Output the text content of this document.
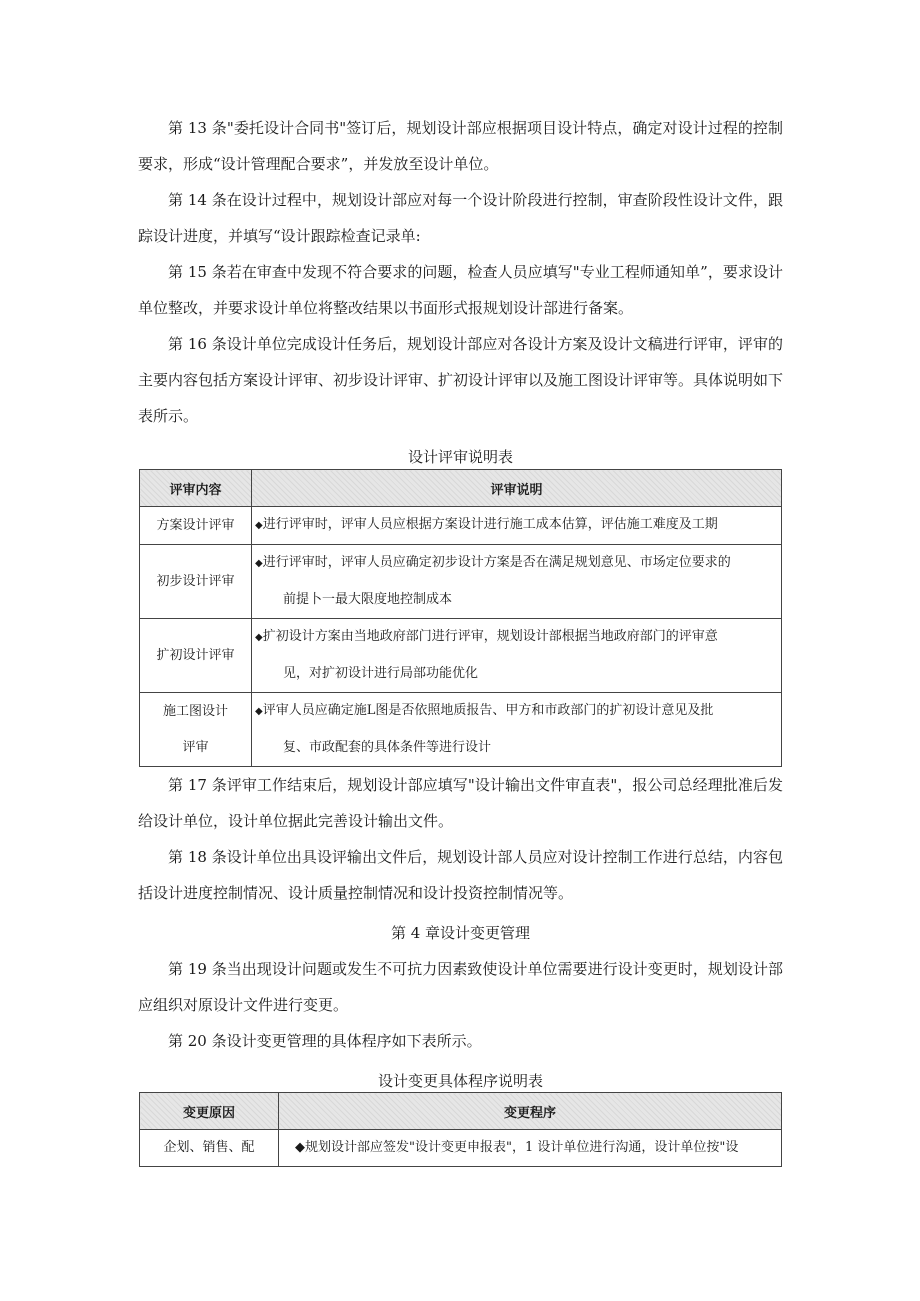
第 13 条"委托设计合同书"签订后，规划设计部应根据项目设计特点，确定对设计过程的控制要求，形成“设计管理配合要求”，并发放至设计单位。

第 14 条在设计过程中，规划设计部应对每一个设计阶段进行控制，审查阶段性设计文件，跟踪设计进度，并填写“设计跟踪检查记录单:

第 15 条若在审查中发现不符合要求的问题，检查人员应填写"专业工程师通知单”，要求设计单位整改，并要求设计单位将整改结果以书面形式报规划设计部进行备案。

第 16 条设计单位完成设计任务后，规划设计部应对各设计方案及设计文稿进行评审，评审的主要内容包括方案设计评审、初步设计评审、扩初设计评审以及施工图设计评审等。具体说明如下表所示。

设计评审说明表
评审内容	评审说明
方案设计评审	◆进行评审时，评审人员应根据方案设计进行施工成本估算，评估施工难度及工期

初步设计评审	◆进行评审时，评审人员应确定初步设计方案是否在满足规划意见、市场定位要求的
前提卜一最大限度地控制成本

扩初设计评审	◆扩初设计方案由当地政府部门进行评审，规划设计部根据当地政府部门的评审意
见，对扩初设计进行局部功能优化

施工图设计
评审	◆评审人员应确定施L图是否依照地质报告、甲方和市政部门的扩初设计意见及批
复、市政配套的具体条件等进行设计

第 17 条评审工作结束后，规划设计部应填写"设计输出文件审直表"，报公司总经理批准后发给设计单位，设计单位据此完善设计输出文件。

第 18 条设计单位出具设评输出文件后，规划设计部人员应对设计控制工作进行总结，内容包括设计进度控制情况、设计质量控制情况和设计投资控制情况等。

第 4 章设计变更管理

第 19 条当出现设计问题或发生不可抗力因素致使设计单位需要进行设计变更时，规划设计部应组织对原设计文件进行变更。

第 20 条设计变更管理的具体程序如下表所示。

设计变更具体程序说明表
变更原因	变更程序
企划、销售、配	◆规划设计部应签发"设计变更申报表"，1 设计单位进行沟通，设计单位按"设
